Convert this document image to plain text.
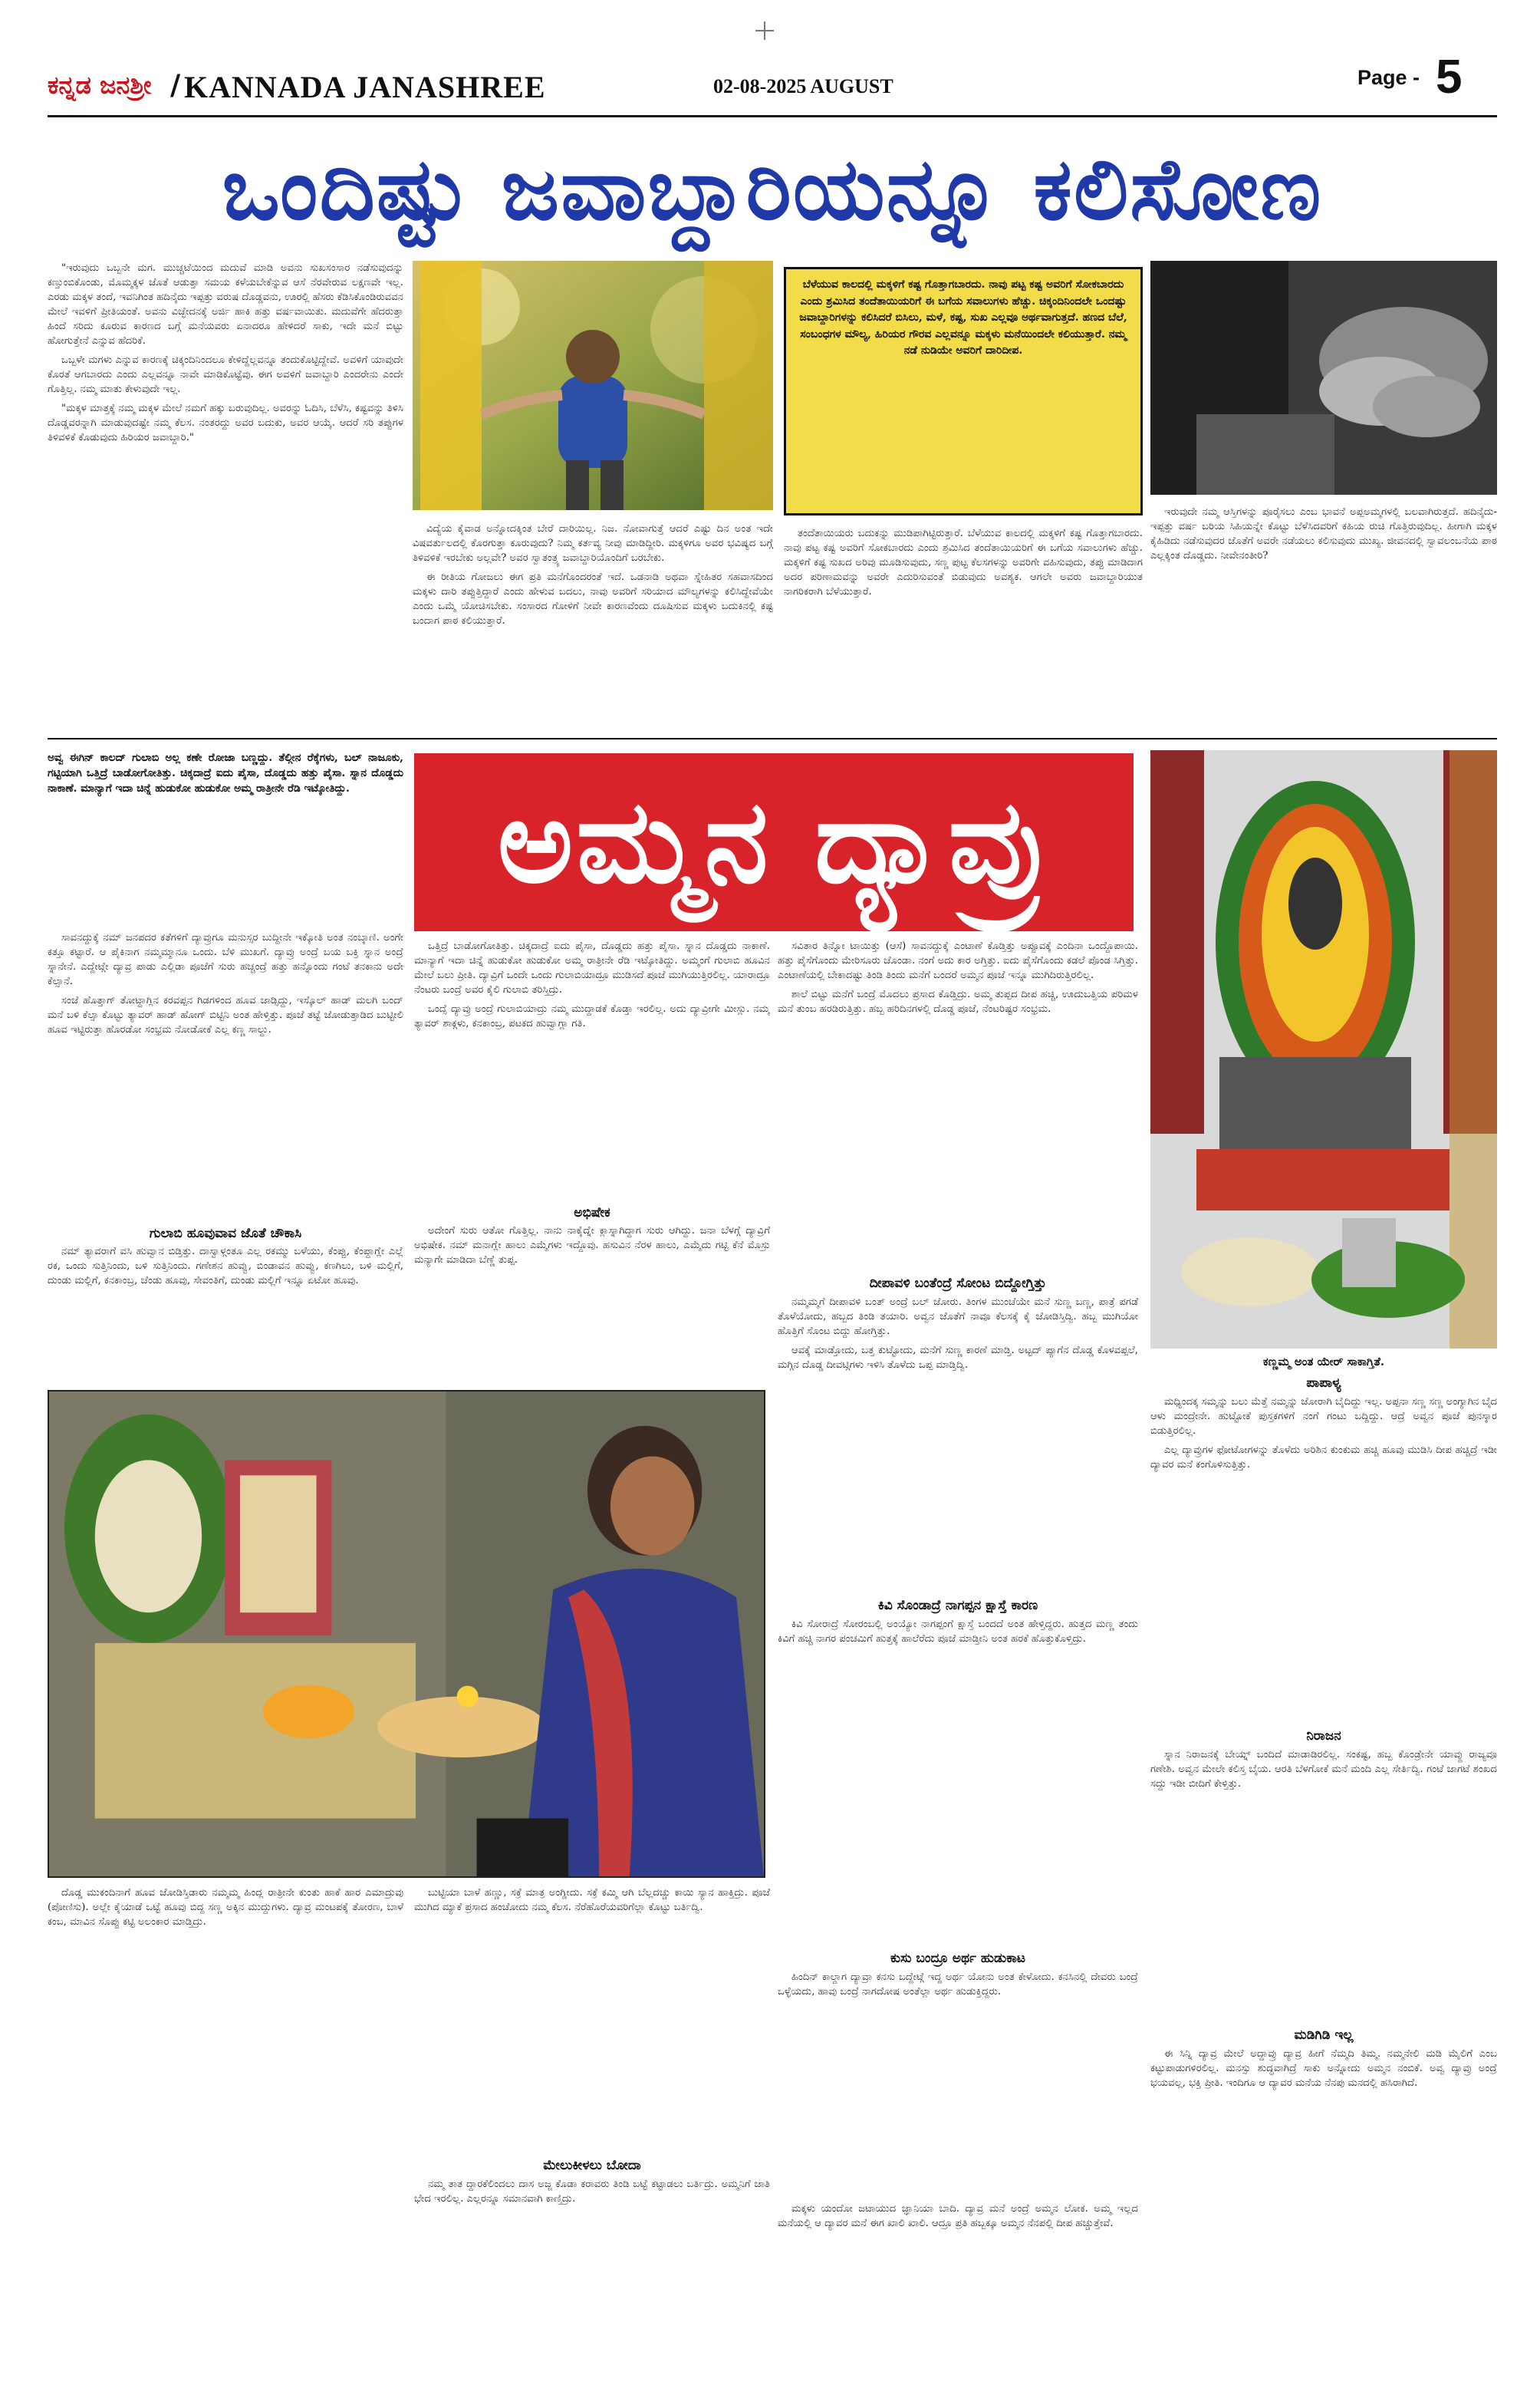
ಕನ್ನಡ ಜನಶ್ರೀ / KANNADA JANASHREE	02-08-2025 AUGUST	Page - 5
ಒಂದಿಷ್ಟು ಜವಾಬ್ದಾರಿಯನ್ನೂ ಕಲಿಸೋಣ

"ಇರುವುದು ಒಬ್ಬನೇ ಮಗ. ಮುಚ್ಚಟೆಯಿಂದ ಮದುವೆ ಮಾಡಿ ಅವನು ಸುಖಸಂಸಾರ ನಡೆಸುವುದನ್ನು ಕಣ್ತುಂಬಿಕೊಂಡು, ಮೊಮ್ಮಕ್ಕಳ ಜೊತೆ ಆಡುತ್ತಾ ಸಮಯ ಕಳೆಯಬೇಕೆನ್ನುವ ಆಸೆ ನೆರವೇರುವ ಲಕ್ಷಣವೇ ಇಲ್ಲ. ಎರಡು ಮಕ್ಕಳ ತಂದೆ, ಇವನಿಗಿಂತ ಹದಿನೈದು ಇಪ್ಪತ್ತು ವರುಷ ದೊಡ್ಡವನು, ಊರಲ್ಲಿ ಹೆಸರು ಕೆಡಿಸಿಕೊಂಡಿರುವವನ ಮೇಲೆ ಇವಳಿಗೆ ಪ್ರೀತಿಯಂತೆ. ಅವನು ವಿಚ್ಛೇದನಕ್ಕೆ ಅರ್ಜಿ ಹಾಕಿ ಹತ್ತು ವರ್ಷವಾಯಿತು. ಮದುವೆಗೇ ಹೆದರುತ್ತಾ ಹಿಂದೆ ಸರಿದು ಕೂರುವ ಕಾರಣದ ಬಗ್ಗೆ ಮನೆಯವರು ಏನಾದರೂ ಹೇಳಿದರೆ ಸಾಕು, ಇದೇ ಮನೆ ಬಿಟ್ಟು ಹೋಗುತ್ತೇನೆ ಎನ್ನುವ ಹೆದರಿಕೆ.

ಒಬ್ಬಳೇ ಮಗಳು ಎನ್ನುವ ಕಾರಣಕ್ಕೆ ಚಿಕ್ಕಂದಿನಿಂದಲೂ ಕೇಳಿದ್ದೆಲ್ಲವನ್ನೂ ತಂದುಕೊಟ್ಟಿದ್ದೇವೆ. ಅವಳಿಗೆ ಯಾವುದೇ ಕೊರತೆ ಆಗಬಾರದು ಎಂದು ಎಲ್ಲವನ್ನೂ ನಾವೇ ಮಾಡಿಕೊಟ್ಟೆವು. ಈಗ ಅವಳಿಗೆ ಜವಾಬ್ದಾರಿ ಎಂದರೇನು ಎಂದೇ ಗೊತ್ತಿಲ್ಲ. ನಮ್ಮ ಮಾತು ಕೇಳುವುದೇ ಇಲ್ಲ.

"ಮಕ್ಕಳ ಮಾತ್ತಕ್ಕೆ ನಮ್ಮ ಮಕ್ಕಳ ಮೇಲೆ ನಮಗೆ ಹಕ್ಕು ಬರುವುದಿಲ್ಲ. ಅವರನ್ನು ಓದಿಸಿ, ಬೆಳೆಸಿ, ಕಷ್ಟವನ್ನು ತಿಳಿಸಿ ದೊಡ್ಡವರನ್ನಾಗಿ ಮಾಡುವುದಷ್ಟೇ ನಮ್ಮ ಕೆಲಸ. ನಂತರದ್ದು ಅವರ ಬದುಕು, ಅವರ ಆಯ್ಕೆ. ಆದರೆ ಸರಿ ತಪ್ಪುಗಳ ತಿಳಿವಳಿಕೆ ಕೊಡುವುದು ಹಿರಿಯರ ಜವಾಬ್ದಾರಿ."

ಬೆಳೆಯುವ ಕಾಲದಲ್ಲಿ ಮಕ್ಕಳಿಗೆ ಕಷ್ಟ ಗೊತ್ತಾಗಬಾರದು. ನಾವು ಪಟ್ಟ ಕಷ್ಟ ಅವರಿಗೆ ಸೋಕಬಾರದು ಎಂದು ಶ್ರಮಿಸಿದ ತಂದೆತಾಯಿಯರಿಗೆ ಈ ಬಗೆಯ ಸವಾಲುಗಳು ಹೆಚ್ಚು. ಚಿಕ್ಕಂದಿನಿಂದಲೇ ಒಂದಷ್ಟು ಜವಾಬ್ದಾರಿಗಳನ್ನು ಕಲಿಸಿದರೆ ಬಿಸಿಲು, ಮಳೆ, ಕಷ್ಟ, ಸುಖ ಎಲ್ಲವೂ ಅರ್ಥವಾಗುತ್ತದೆ. ಹಣದ ಬೆಲೆ, ಸಂಬಂಧಗಳ ಮೌಲ್ಯ, ಹಿರಿಯರ ಗೌರವ ಎಲ್ಲವನ್ನೂ ಮಕ್ಕಳು ಮನೆಯಿಂದಲೇ ಕಲಿಯುತ್ತಾರೆ. ನಮ್ಮ ನಡೆ ನುಡಿಯೇ ಅವರಿಗೆ ದಾರಿದೀಪ.

ವಿದ್ಯೆಯ ಕೈವಾಡ ಅನ್ನೋದಕ್ಕಿಂತ ಬೇರೆ ದಾರಿಯಿಲ್ಲ. ನಿಜ. ನೋವಾಗುತ್ತೆ ಆದರೆ ಎಷ್ಟು ದಿನ ಅಂತ ಇದೇ ವಿಷವರ್ತುಲದಲ್ಲಿ ಕೊರಗುತ್ತಾ ಕೂರುವುದು? ನಿಮ್ಮ ಕರ್ತವ್ಯ ನೀವು ಮಾಡಿದ್ದೀರಿ. ಮಕ್ಕಳಿಗೂ ಅವರ ಭವಿಷ್ಯದ ಬಗ್ಗೆ ತಿಳಿವಳಿಕೆ ಇರಬೇಕು ಅಲ್ಲವೇ? ಅವರ ಸ್ವಾತಂತ್ರ್ಯ ಜವಾಬ್ದಾರಿಯೊಂದಿಗೆ ಬರಬೇಕು.

ಈ ರೀತಿಯ ಗೋಜಲು ಈಗ ಪ್ರತಿ ಮನೆಗೊಂದರಂತೆ ಇದೆ. ಒಡನಾಡಿ ಅಥವಾ ಸ್ನೇಹಿತರ ಸಹವಾಸದಿಂದ ಮಕ್ಕಳು ದಾರಿ ತಪ್ಪುತ್ತಿದ್ದಾರೆ ಎಂದು ಹೇಳುವ ಬದಲು, ನಾವು ಅವರಿಗೆ ಸರಿಯಾದ ಮೌಲ್ಯಗಳನ್ನು ಕಲಿಸಿದ್ದೇವೆಯೇ ಎಂದು ಒಮ್ಮೆ ಯೋಚಿಸಬೇಕು. ಸಂಸಾರದ ಗೋಳಿಗೆ ನೀವೇ ಕಾರಣವೆಂದು ದೂಷಿಸುವ ಮಕ್ಕಳು ಬದುಕಿನಲ್ಲಿ ಕಷ್ಟ ಬಂದಾಗ ಪಾಠ ಕಲಿಯುತ್ತಾರೆ.

ತಂದೆತಾಯಿಯರು ಬದುಕನ್ನು ಮುಡಿಪಾಗಿಟ್ಟಿರುತ್ತಾರೆ. ಬೆಳೆಯುವ ಕಾಲದಲ್ಲಿ ಮಕ್ಕಳಿಗೆ ಕಷ್ಟ ಗೊತ್ತಾಗಬಾರದು. ನಾವು ಪಟ್ಟ ಕಷ್ಟ ಅವರಿಗೆ ಸೋಕಬಾರದು ಎಂದು ಶ್ರಮಿಸಿದ ತಂದೆತಾಯಿಯರಿಗೆ ಈ ಬಗೆಯ ಸವಾಲುಗಳು ಹೆಚ್ಚು. ಮಕ್ಕಳಿಗೆ ಕಷ್ಟ ಸುಖದ ಅರಿವು ಮೂಡಿಸುವುದು, ಸಣ್ಣ ಪುಟ್ಟ ಕೆಲಸಗಳನ್ನು ಅವರಿಗೇ ವಹಿಸುವುದು, ತಪ್ಪು ಮಾಡಿದಾಗ ಅದರ ಪರಿಣಾಮವನ್ನು ಅವರೇ ಎದುರಿಸುವಂತೆ ಬಿಡುವುದು ಅವಶ್ಯಕ. ಆಗಲೇ ಅವರು ಜವಾಬ್ದಾರಿಯುತ ನಾಗರಿಕರಾಗಿ ಬೆಳೆಯುತ್ತಾರೆ.

ಇರುವುದೇ ನಮ್ಮ ಆಸ್ತಿಗಳನ್ನು ಪೂರೈಸಲು ಎಂಬ ಭಾವನೆ ಅಪ್ಪಅಮ್ಮಗಳಲ್ಲಿ ಬಲವಾಗಿರುತ್ತದೆ. ಹದಿನೈದು-ಇಪ್ಪತ್ತು ವರ್ಷ ಬರಿಯ ಸಿಹಿಯನ್ನೇ ಕೊಟ್ಟು ಬೆಳೆಸಿದವರಿಗೆ ಕಹಿಯ ರುಚಿ ಗೊತ್ತಿರುವುದಿಲ್ಲ. ಹೀಗಾಗಿ ಮಕ್ಕಳ ಕೈಹಿಡಿದು ನಡೆಸುವುದರ ಜೊತೆಗೆ ಅವರೇ ನಡೆಯಲು ಕಲಿಸುವುದು ಮುಖ್ಯ. ಜೀವನದಲ್ಲಿ ಸ್ವಾವಲಂಬನೆಯ ಪಾಠ ಎಲ್ಲಕ್ಕಿಂತ ದೊಡ್ಡದು. ನೀವೇನಂತೀರಿ?

ಅವ್ವ ಈಗಿನ್ ಕಾಲದ್ ಗುಲಾಬಿ ಅಲ್ಲ ಕಣೇ ರೋಜಾ ಬಣ್ಣದ್ದು. ತೆಲ್ಗೀನ ರೆಕ್ಕೆಗಳು, ಬಲ್ ನಾಜೂಕು, ಗಟ್ಟಿಯಾಗಿ ಒತ್ತಿದ್ರೆ ಬಾಡೋಗೋತಿತ್ತು. ಚಿಕ್ಕದಾದ್ರೆ ಐದು ಪೈಸಾ, ದೊಡ್ಡದು ಹತ್ತು ಪೈಸಾ. ಸ್ನಾನ ದೊಡ್ಡದು ನಾಕಾಣೆ. ಮಾನ್ಯಾಗೆ ಇದಾ ಚಿನ್ನೆ ಹುಡುಕೋ ಹುಡುಕೋ ಅಮ್ಮ ರಾತ್ರೀನೇ ರೆಡಿ ಇಟ್ಕೋತಿದ್ದು.	ಅಮ್ಮನ ದ್ಯಾವ್ರು

ಸಾವನದ್ದುಕ್ಕೆ ನಮ್ ಜನಪದರ ಕತೆಗಳಿಗೆ ದ್ಯಾವ್ರುಗೂ ಮನುಸ್ಸರ ಬುದ್ದೀನೇ ಇಕ್ಕೋತಿ ಅಂತ ನಂಬ್ಕಾಣಿ. ಅಂಗೇ ಕತ್ತೂ ಕಟ್ಟಾರೆ. ಆ ಪೈಕಿನಾಗ ನಮ್ಮಮ್ಮಾನೂ ಒಂದು. ಬೆಳಿ ಮುಖಗೆ. ದ್ಯಾವ್ರು ಅಂದ್ರೆ ಬಯ ಬಕ್ತಿ ಸ್ನಾನ ಅಂದ್ರೆ ಸ್ನಾನೇನೆ. ಎದ್ದೇಟ್ಗೇ ದ್ಯಾವ್ರ ಪಾಡು ಎಲ್ಲಿಡಾ ಪೂಜೆಗೆ ಸುರು ಹಚ್ಚಂದ್ರೆ ಹತ್ತು ಹನ್ನೊಂದು ಗಂಟೆ ತನಕಾನು ಅದೇ ಕೆಲ್ಸಾನೆ.

ಸಂಜೆ ಹೊತ್ತಾಗ್ ತೋಟ್ದಾಗ್ಲಿನ ಕರವಪ್ಪನ ಗಿಡಗಳಿಂದ ಹೂವ ಜಾಡ್ಸಿದ್ದು, ಇಸ್ಕೊಲ್ ಹಾಡ್ ಮಲಗಿ ಬಂದ್ ಮನೆ ಬಳಿ ಕೆಲ್ಸಾ ಕೊಟ್ಟು ತ್ಯಾವರ್ ಹಾಡ್ ಹೋಗ್ ಬಿಟ್ಟಿನಿ ಅಂತ ಹೇಳ್ತಿತ್ತು. ಪೂಜೆ ತಟ್ಟೆ ಜೋಡುತ್ತಾಡಿದ ಬುಟ್ಟೀಲಿ ಹೂವ ಇಟ್ಟಿರುತ್ತಾ ಹೊರಡೋ ಸಂಭ್ರಮ ನೋಡೋಕೆ ಎಲ್ಲ ಕಣ್ಣ ಸಾಲ್ದು.

ಗುಲಾಬಿ ಹೂವುವಾವ ಜೊತೆ ಚೌಕಾಸಿ

ನಮ್ ತ್ಯಾವರಾಗೆ ವಸಿ ಹುವ್ವಾನ ಬಿಡ್ತಿತ್ತು. ದಾಸ್ವಾಳ್ಗಂತೂ ಎಲ್ಲ ರಕಮ್ಮು ಬಳೆಯು, ಕೆಂಪ್ಪು, ಕೆಂಪ್ದಾಗ್ಲೇ ಎಲ್ಲೆ ರಕ, ಒಂದು ಸುತ್ತಿನಿಂದು, ಬಳಿ ಸುತ್ತಿನಿಂದು. ಗಣೇಶನ ಹುವ್ವು, ಬಿಂಡಾವನ ಹುವ್ವು, ಕಣಗಿಲು, ಬಳಿ ಮಲ್ಲಿಗೆ, ದುಂಡು ಮಲ್ಲಿಗೆ, ಕನಕಾಂಬ್ರ, ಚೆಂಡು ಹೂವು, ಸೇವಂತಿಗೆ, ದುಂಡು ಮಲ್ಲಿಗೆ ಇನ್ನೂ ಏಟೋ ಹೂವು.

ಒತ್ತಿದ್ರೆ ಬಾಡೋಗೋತಿತ್ತು. ಚಿಕ್ಕದಾದ್ರೆ ಐದು ಪೈಸಾ, ದೊಡ್ಡದು ಹತ್ತು ಪೈಸಾ. ಸ್ನಾನ ದೊಡ್ಡದು ನಾಕಾಣೆ. ಮಾನ್ಯಾಗೆ ಇದಾ ಚಿನ್ನೆ ಹುಡುಕೋ ಹುಡುಕೋ ಅಮ್ಮ ರಾತ್ರೀನೇ ರೆಡಿ ಇಟ್ಕೋತಿದ್ದು. ಅಮ್ಮಂಗೆ ಗುಲಾಬಿ ಹೂವಿನ ಮೇಲೆ ಬಲು ಪ್ರೀತಿ. ದ್ಯಾವ್ರಿಗೆ ಒಂದೇ ಒಂದು ಗುಲಾಬಿಯಾದ್ರೂ ಮುಡಿಸದೆ ಪೂಜೆ ಮುಗಿಯುತ್ತಿರಲಿಲ್ಲ. ಯಾರಾದ್ರೂ ನೆಂಟರು ಬಂದ್ರೆ ಅವರ ಕೈಲಿ ಗುಲಾಬಿ ತರಿಸ್ತಿದ್ರು.

ಒಂದ್ಸೆ ದ್ಯಾವ್ರು ಅಂದ್ರೆ ಗುಲಾಬಿಯಾದ್ರು ನಮ್ಮ ಮುದ್ದಾಡಕೆ ಕೊಡ್ತಾ ಇರಲಿಲ್ಲ. ಅದು ದ್ಯಾವ್ರೀಗೇ ಮೀಸ್ಲು. ನಮ್ಮ ತ್ಯಾವರ್ ಶಾಕ್ಗಳು, ಕನಕಾಂಬ್ರ, ಪಟಕದ ಹುವ್ವಾಗ್ಲಾ ಗತಿ.

ಅಭಿಷೇಕ

ಅದೇಂಗೆ ಸುರು ಆತೋ ಗೊತ್ತಿಲ್ಲ. ನಾನು ನಾಕೈದ್ನೇ ಕ್ಲಾಸ್ನಾಗಿದ್ದಾಗ ಸುರು ಆಗಿದ್ದು. ಜನಾ ಬೆಳಗ್ಗೆ ದ್ಯಾವ್ರಿಗೆ ಅಭಿಷೇಕ. ನಮ್ ಮನಾಗ್ಲೇ ಹಾಲು ಎಮ್ಮೆಗಳು ಇದ್ದೊವು. ಹಸುವಿನ ನೆರಳ ಹಾಲು, ಎಮ್ಮೆದು ಗಟ್ಟಿ ಕೆನೆ ಮೊಸ್ರು ಮನ್ಯಾಗೇ ಮಾಡಿದಾ ಬೆಣ್ಣೆ ತುಪ್ಪ.

ಸವಿತಾರ ತಿನ್ನೋ ಟಾಯಿತ್ತು (ಆಸೆ) ಸಾವನದ್ದುಕ್ಕೆ ಎಂಟಾಣೆ ಕೊಡ್ತಿತ್ತು ಅಪ್ಪೂವಕ್ಕೆ ಎಂದಿನಾ ಒಂದ್ದೊಪಾಯಿ. ಹತ್ತು ಪೈಸೆಗೊಂದು ಮೇರಿಸೂರು ಚೊಂಡಾ. ನಂಗೆ ಅದು ಕಾರ ಅಗ್ತಿತ್ತು. ಐದು ಪೈಸೆಗೊಂದು ಕಡಲೆ ಪೊಂಡ ಸಿಗ್ತಿತ್ತು. ಎಂಟಾಣೆಯಲ್ಲಿ ಬೇಕಾದಷ್ಟು ತಿಂಡಿ ತಿಂದು ಮನೆಗೆ ಬಂದರೆ ಅಮ್ಮನ ಪೂಜೆ ಇನ್ನೂ ಮುಗಿದಿರುತ್ತಿರಲಿಲ್ಲ.

ಶಾಲೆ ಬಿಟ್ಟು ಮನೆಗೆ ಬಂದ್ರೆ ಮೊದಲು ಪ್ರಸಾದ ಕೊಡ್ತಿದ್ರು. ಅಮ್ಮ ತುಪ್ಪದ ದೀಪ ಹಚ್ಚಿ, ಊದುಬತ್ತಿಯ ಪರಿಮಳ ಮನೆ ತುಂಬ ಹರಡಿರುತ್ತಿತ್ತು. ಹಬ್ಬ ಹರಿದಿನಗಳಲ್ಲಿ ದೊಡ್ಡ ಪೂಜೆ, ನೆಂಟರಿಷ್ಟರ ಸಂಭ್ರಮ.

ಕಣ್ಣಮ್ಮ ಅಂತ ಯೇರ್ ಸಾಕಾಗ್ತಿತೆ.
ಪಾಪಾಳ್ಯ

ಮಧ್ಯಿಂದಕ್ಕ ಸಮ್ಮನ್ನು ಬಲು ಮೆತ್ತೆ ನಮ್ಮನ್ನು ಜೋರಾಗಿ ಬೈದಿದ್ದು ಇಲ್ಲ. ಅಪ್ಪನಾ ಸಣ್ಣ ಸಣ್ಣ ಅಂಗ್ಯಾಗಿನ ಬೈದ ಆಳು ಮಂದ್ರೇನೇ. ಹುಟ್ಟೋಕೆ ಪುಸ್ತಕಗಳಿಗೆ ನಂಗೆ ಗಂಟು ಬದ್ದಿದ್ದು. ಆದ್ರೆ ಅವ್ವನ ಪೂಜೆ ಪುನಸ್ಕಾರ ಬಿಡುತ್ತಿರಲಿಲ್ಲ.

ಎಲ್ಲ ದ್ಯಾವ್ರುಗಳ ಫೋಟೋಗಳನ್ನು ತೊಳೆದು ಅರಿಶಿನ ಕುಂಕುಮ ಹಚ್ಚಿ ಹೂವು ಮುಡಿಸಿ ದೀಪ ಹಚ್ಚಿದ್ರೆ ಇಡೀ ದ್ಯಾವರ ಮನೆ ಕಂಗೊಳಿಸುತ್ತಿತ್ತು.

ನಿರಾಜನ

ಸ್ನಾನ ನಿರಾಜನಕ್ಕೆ ಬೇಯ್ನ್ ಬಂದಿದೆ ಮಾಡಾಡಿರಲಿಲ್ಲ. ಸಂಕಷ್ಟ, ಹಬ್ಬ ಕೊಂಡ್ರೇನೇ ಯಾವ್ದು ರಾಜ್ಯವೂ ಗಣೇಶಿ. ಅವ್ವನ ಮೇಲೇ ಕಲಿಸ್ತ ಬೈಯ. ಆರತಿ ಬೆಳಗೋಕೆ ಮನೆ ಮಂದಿ ಎಲ್ಲ ಸೇರ್ತಿದ್ವಿ. ಗಂಟೆ ಜಾಗಟೆ ಶಂಖದ ಸದ್ದು ಇಡೀ ಬೀದಿಗೆ ಕೇಳ್ತಿತ್ತು.

ಮಡಿಗಿಡಿ ಇಲ್ಲ

ಈ ಸಿನ್ನಿ ದ್ಯಾವ್ರ ಮೇಲೆ ಅದ್ದಾವ್ರು ದ್ಯಾವ್ರ ಹೀಗೆ ನೆಮ್ಮದಿ ತಿಮ್ಮ. ನಮ್ಮನೇಲಿ ಮಡಿ ಮೈಲಿಗೆ ಎಂಬ ಕಟ್ಟುಪಾಡುಗಳಿರಲಿಲ್ಲ. ಮನಸ್ಸು ಶುದ್ಧವಾಗಿದ್ರೆ ಸಾಕು ಅನ್ನೋದು ಅಮ್ಮನ ನಂಬಿಕೆ. ಅವ್ವ ದ್ಯಾವ್ರು ಅಂದ್ರೆ ಭಯವಲ್ಲ, ಭಕ್ತಿ ಪ್ರೀತಿ. ಇಂದಿಗೂ ಆ ದ್ಯಾವರ ಮನೆಯ ನೆನಪು ಮನದಲ್ಲಿ ಹಸಿರಾಗಿದೆ.

ದೀಪಾವಳಿ ಬಂತೆಂದ್ರೆ ಸೋಂಟ ಬಿದ್ದೋಗ್ತಿತ್ತು

ನಮ್ಮಮ್ಮಗೆ ದೀಪಾವಳಿ ಬಂತ್ ಅಂದ್ರೆ ಬಲ್ ಜೋರು. ತಿಂಗಳ ಮುಂಚೆಯೇ ಮನೆ ಸುಣ್ಣ ಬಣ್ಣ, ಪಾತ್ರೆ ಪಗಡೆ ತೊಳೆಯೋದು, ಹಬ್ಬದ ತಿಂಡಿ ತಯಾರಿ. ಅವ್ವನ ಜೊತೆಗೆ ನಾವೂ ಕೆಲಸಕ್ಕೆ ಕೈ ಜೋಡಿಸ್ತಿದ್ವಿ. ಹಬ್ಬ ಮುಗಿಯೋ ಹೊತ್ತಿಗೆ ಸೊಂಟ ಬಿದ್ದು ಹೋಗ್ತಿತ್ತು.

ಆವಕ್ಕೆ ಮಾಡ್ತೋದು, ಬತ್ತ ಕುಟ್ಟೋದು, ಮನೆಗೆ ಸುಣ್ಣ ಕಾರಣೆ ಮಾಡ್ತಿ. ಅಟ್ಟದ್ ಪ್ಯಾಗೆನ ದೊಡ್ಡ ಕೊಳವಪ್ಪಲೆ, ಮಗ್ಗಿನ ದೊಡ್ಡ ದೀವಟ್ಗಿಗಳು ಇಳಿಸಿ ತೊಳೆದು ಒಪ್ಪ ಮಾಡ್ತಿದ್ವಿ.

ದೊಡ್ಡ ಮುಕಂದಿನಾಗೆ ಹೂವ ಜೋಡಿಸ್ತಿಡಾರು ನಮ್ಮಮ್ಮ ಹಿಂದ್ಲ ರಾತ್ರೀನೇ ಕುಂತು ಹಾಕೆ ಹಾರ ಎಮಾದ್ರುವು (ಪೋಣಿಸು). ಅಲ್ಲೇ ಕೈಯಾಡೆ ಒಟ್ಟೆ ಹೂವು ಬಿದ್ದ ಸಣ್ಣ ಅಕ್ಕಿನ ಮುದ್ದುಗಳು. ದ್ಯಾವ್ರ ಮಂಟಪಕ್ಕೆ ತೋರಣ, ಬಾಳೆ ಕಂಬ, ಮಾವಿನ ಸೊಪ್ಪು ಕಟ್ಟಿ ಅಲಂಕಾರ ಮಾಡ್ತಿದ್ರು.

ಬುಟ್ಟಿಯಾ ಬಾಳೆ ಹಣ್ಣು, ಸಕ್ರೆ ಮಾತ್ರ ಅಂಗ್ಡೀದು. ಸಕ್ರೆ ಕಮ್ಮಿ ಆಗಿ ಬೆಲ್ಲದಚ್ಚು ಕಾಯಿ ಸ್ಯಾನ ಹಾಕ್ತಿದ್ರು. ಪೂಜೆ ಮುಗಿದ ಮ್ಯಾಕೆ ಪ್ರಸಾದ ಹಂಚೋದು ನಮ್ಮ ಕೆಲಸ. ನೆರೆಹೊರೆಯವರಿಗೆಲ್ಲಾ ಕೊಟ್ಟು ಬರ್ತಿದ್ವಿ.

ಮೇಲುಕೀಳಲು ಬೋದಾ

ನಮ್ಮ ತಾತ ದ್ದಾರಕೆಲಿಂದಲು ದಾಸ ಅಜ್ಜ ಕೊಡಾ ಕರಾವರು ತಿಂಡಿ ಬಟ್ಟೆ ಕಟ್ಟಾಡಲು ಬರ್ತಿದ್ರು. ಅಮ್ಮನಿಗೆ ಜಾತಿ ಭೇದ ಇರಲಿಲ್ಲ. ಎಲ್ಲರನ್ನೂ ಸಮಾನವಾಗಿ ಕಾಣ್ತಿದ್ರು.

ಕಿವಿ ಸೊಂಡಾದ್ರೆ ನಾಗಪ್ಪನ ಕ್ಷಾಸ್ತೆ ಕಾರಣ

ಕಿವಿ ಸೋರಾದ್ರೆ ಸೋರಂಬಲ್ಲಿ ಅಂಯ್ಯೋ ನಾಗಪ್ಪಂಗೆ ಕ್ಷಾಸ್ತೆ ಬಂದದೆ ಅಂತ ಹೇಳ್ತಿದ್ದರು. ಹುತ್ತದ ಮಣ್ಣ ತಂದು ಕಿವಿಗೆ ಹಚ್ಚಿ ನಾಗರ ಪಂಚಮಿಗೆ ಹುತ್ತಕ್ಕೆ ಹಾಲೆರೆದು ಪೂಜೆ ಮಾಡ್ತೀನಿ ಅಂತ ಹರಕೆ ಹೊತ್ತುಕೊಳ್ತಿದ್ರು.

ಕುಸು ಬಂದ್ರೂ ಅರ್ಥ ಹುಡುಕಾಟ

ಹಿಂದಿನ್ ಕಾಲ್ದಾಗ ದ್ಯಾವ್ರಾ ಕನಸು ಬದ್ದೇಟ್ಗೆ ಇದ್ದ ಅರ್ಥ ಯೋನು ಅಂತ ಕೇಳೋದು. ಕನಸಿನಲ್ಲಿ ದೇವರು ಬಂದ್ರೆ ಒಳ್ಳೆಯದು, ಹಾವು ಬಂದ್ರೆ ನಾಗದೋಷ ಅಂತೆಲ್ಲಾ ಅರ್ಥ ಹುಡುಕ್ತಿದ್ದರು.

ಮಕ್ಕಳು ಯಂದೋ ಜಟಾಯುದ ಜ್ಞಾನಿಯಾ ಬಾದಿ. ದ್ಯಾವ್ರ ಮನೆ ಅಂದ್ರೆ ಅಮ್ಮನ ಲೋಕ. ಅಮ್ಮ ಇಲ್ಲದ ಮನೆಯಲ್ಲಿ ಆ ದ್ಯಾವರ ಮನೆ ಈಗ ಖಾಲಿ ಖಾಲಿ. ಆದ್ರೂ ಪ್ರತಿ ಹಬ್ಬಕ್ಕೂ ಅಮ್ಮನ ನೆನಪಲ್ಲಿ ದೀಪ ಹಚ್ಚುತ್ತೇವೆ.
